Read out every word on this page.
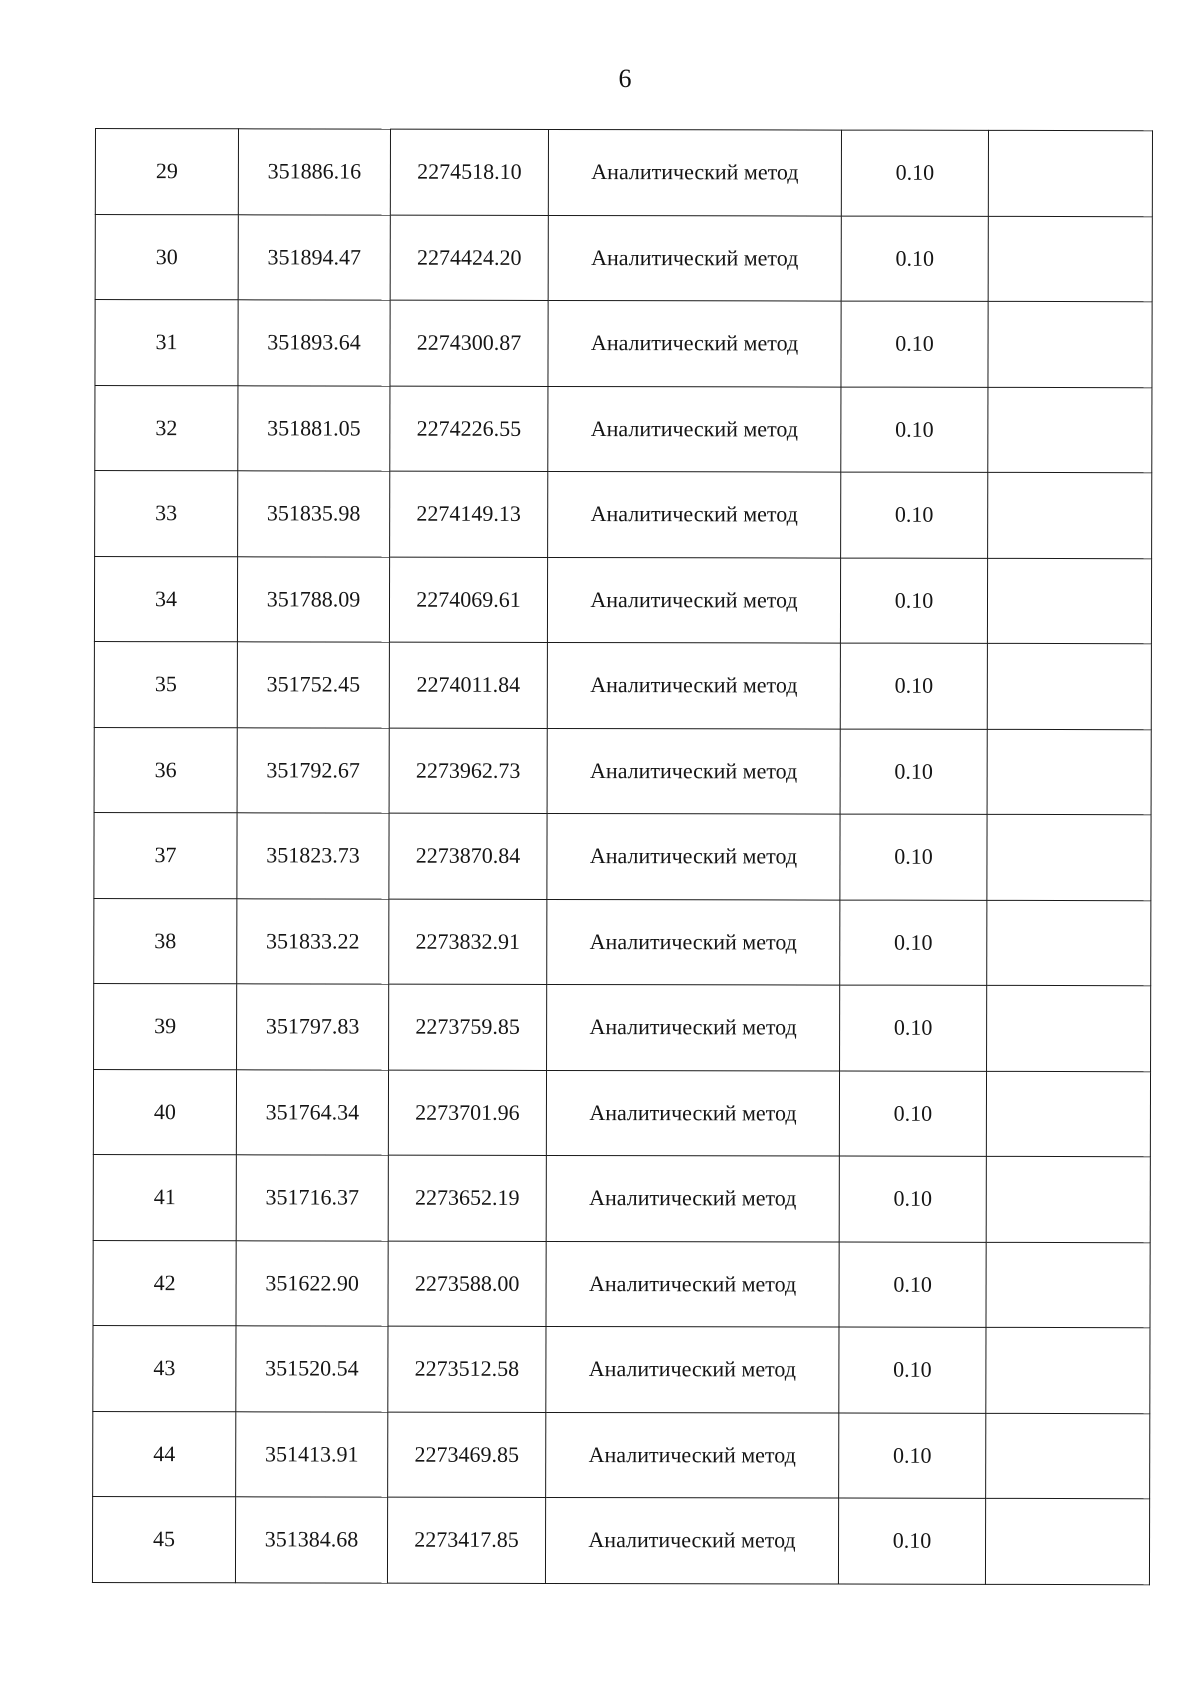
6
29	351886.16	2274518.10	Аналитический метод	0.10	
30	351894.47	2274424.20	Аналитический метод	0.10	
31	351893.64	2274300.87	Аналитический метод	0.10	
32	351881.05	2274226.55	Аналитический метод	0.10	
33	351835.98	2274149.13	Аналитический метод	0.10	
34	351788.09	2274069.61	Аналитический метод	0.10	
35	351752.45	2274011.84	Аналитический метод	0.10	
36	351792.67	2273962.73	Аналитический метод	0.10	
37	351823.73	2273870.84	Аналитический метод	0.10	
38	351833.22	2273832.91	Аналитический метод	0.10	
39	351797.83	2273759.85	Аналитический метод	0.10	
40	351764.34	2273701.96	Аналитический метод	0.10	
41	351716.37	2273652.19	Аналитический метод	0.10	
42	351622.90	2273588.00	Аналитический метод	0.10	
43	351520.54	2273512.58	Аналитический метод	0.10	
44	351413.91	2273469.85	Аналитический метод	0.10	
45	351384.68	2273417.85	Аналитический метод	0.10	
